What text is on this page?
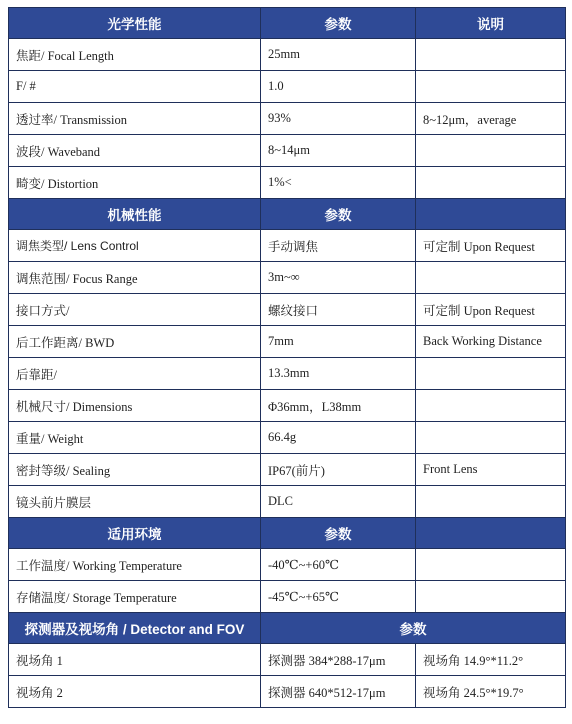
光学性能	参数	说明
焦距/ Focal Length	25mm	
F/ #	1.0	
透过率/ Transmission	93%	8~12μm，average
波段/ Waveband	8~14μm	
畸变/ Distortion	1%<	
机械性能	参数	
调焦类型/ Lens Control	手动调焦	可定制 Upon Request
调焦范围/ Focus Range	3m~∞	
接口方式/	螺纹接口	可定制 Upon Request
后工作距离/ BWD	7mm	Back Working Distance
后靠距/	13.3mm	
机械尺寸/ Dimensions	Φ36mm，L38mm	
重量/ Weight	66.4g	
密封等级/ Sealing	IP67(前片)	Front Lens
镜头前片膜层	DLC	
适用环境	参数	
工作温度/ Working Temperature	-40℃~+60℃	
存储温度/ Storage Temperature	-45℃~+65℃	
探测器及视场角 / Detector and FOV	参数	
视场角 1	探测器 384*288-17μm	视场角 14.9°*11.2°
视场角 2	探测器 640*512-17μm	视场角 24.5°*19.7°
